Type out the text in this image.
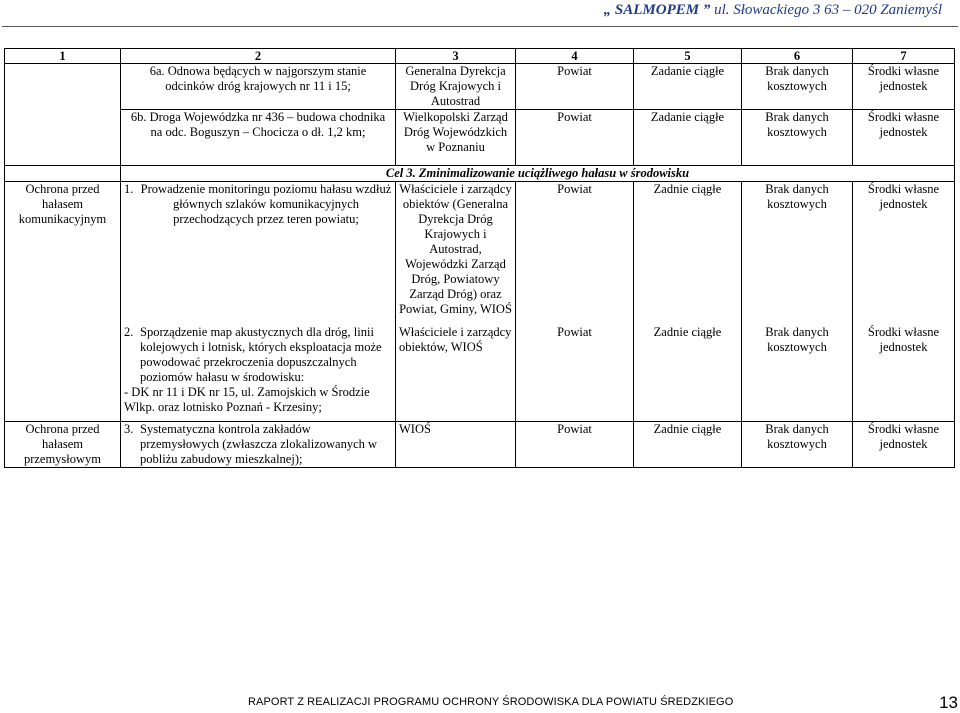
„ SALMOPEM ” ul. Słowackiego 3 63 – 020 Zaniemyśl
1	2	3	4	5	6	7
	6a. Odnowa będących w najgorszym stanie odcinków dróg krajowych nr 11 i 15;	Generalna Dyrekcja Dróg Krajowych i Autostrad	Powiat	Zadanie ciągłe	Brak danych kosztowych	Środki własne jednostek
	6b. Droga Wojewódzka nr 436 – budowa chodnika na odc. Boguszyn – Chocicza o dł. 1,2 km;	Wielkopolski Zarząd Dróg Wojewódzkich w Poznaniu	Powiat	Zadanie ciągłe	Brak danych kosztowych	Środki własne jednostek
	Cel 3. Zminimalizowanie uciążliwego hałasu w środowisku					
Ochrona przed hałasem komunikacyjnym	1. Prowadzenie monitoringu poziomu hałasu wzdłuż głównych szlaków komunikacyjnych przechodzących przez teren powiatu;	Właściciele i zarządcy obiektów (Generalna Dyrekcja Dróg Krajowych i Autostrad, Wojewódzki Zarząd Dróg, Powiatowy Zarząd Dróg) oraz Powiat, Gminy, WIOŚ	Powiat	Zadnie ciągłe	Brak danych kosztowych	Środki własne jednostek

	2. Sporządzenie map akustycznych dla dróg, linii kolejowych i lotnisk, których eksploatacja może powodować przekroczenia dopuszczalnych poziomów hałasu w środowisku:
- DK nr 11 i DK nr 15, ul. Zamojskich w Środzie Wlkp. oraz lotnisko Poznań - Krzesiny;	Właściciele i zarządcy obiektów, WIOŚ	Powiat	Zadnie ciągłe	Brak danych kosztowych	Środki własne jednostek
Ochrona przed hałasem przemysłowym	3. Systematyczna kontrola zakładów przemysłowych (zwłaszcza zlokalizowanych w pobliżu zabudowy mieszkalnej);	WIOŚ	Powiat	Zadnie ciągłe	Brak danych kosztowych	Środki własne jednostek
RAPORT Z REALIZACJI PROGRAMU OCHRONY ŚRODOWISKA DLA POWIATU ŚREDZKIEGO	13
